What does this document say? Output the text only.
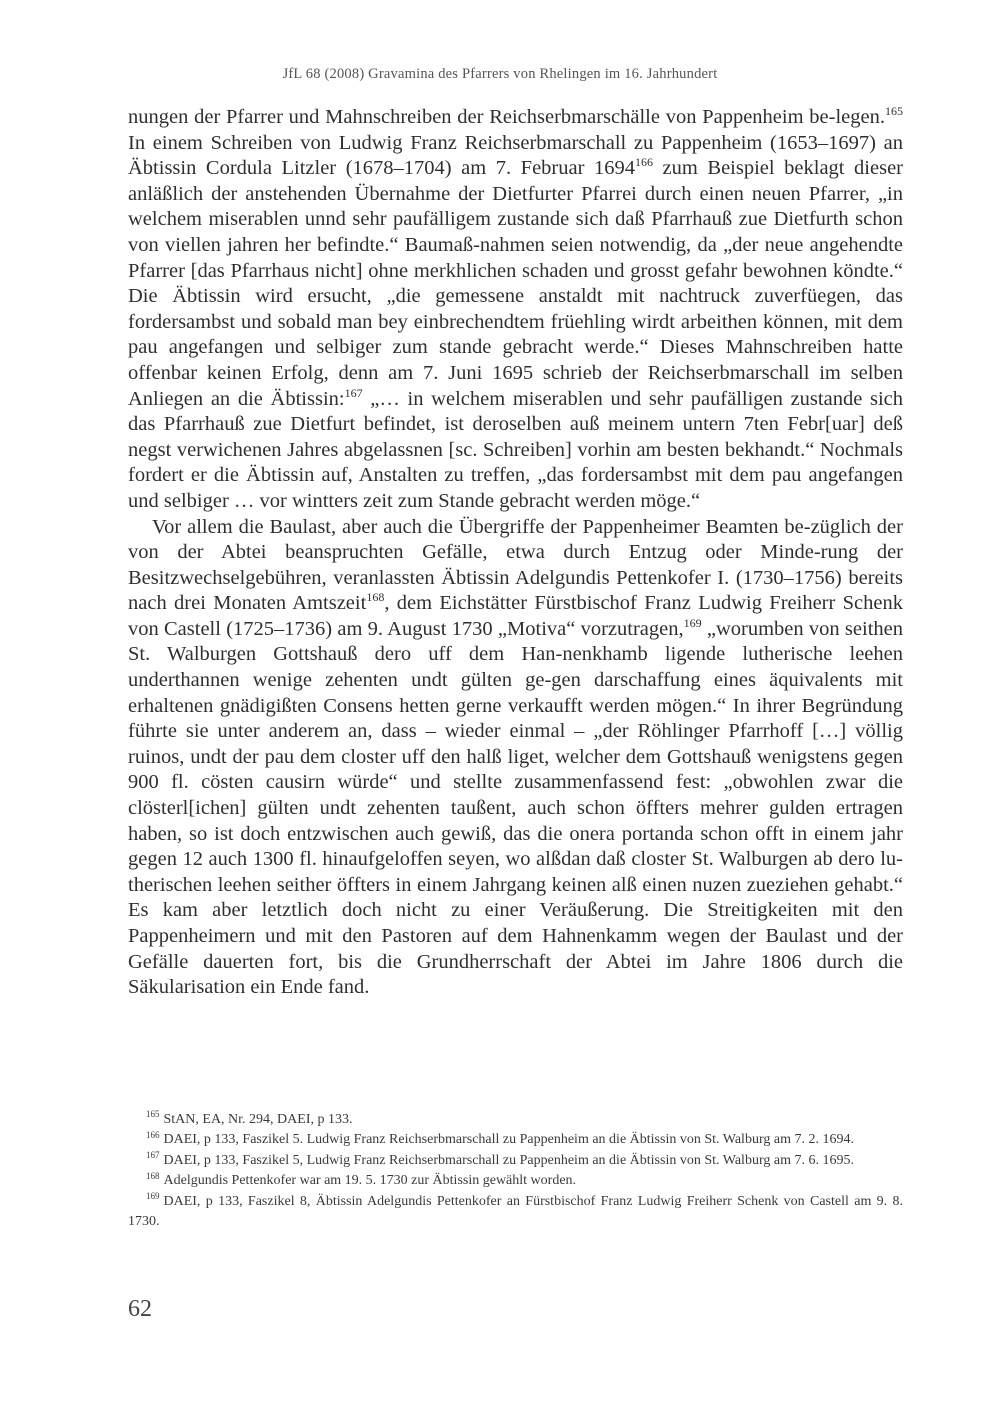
JfL 68 (2008) Gravamina des Pfarrers von Rhelingen im 16. Jahrhundert

nungen der Pfarrer und Mahnschreiben der Reichserbmarschälle von Pappenheim be-legen.$^{165}$ In einem Schreiben von Ludwig Franz Reichserbmarschall zu Pappenheim (1653–1697) an Äbtissin Cordula Litzler (1678–1704) am 7. Februar 1694$^{166}$ zum Beispiel beklagt dieser anläßlich der anstehenden Übernahme der Dietfurter Pfarrei durch einen neuen Pfarrer, „in welchem miserablen unnd sehr paufälligem zustande sich daß Pfarrhauß zue Dietfurth schon von viellen jahren her befindte.“ Baumaß-nahmen seien notwendig, da „der neue angehendte Pfarrer [das Pfarrhaus nicht] ohne merkhlichen schaden und grosst gefahr bewohnen köndte.“ Die Äbtissin wird ersucht, „die gemessene anstaldt mit nachtruck zuverfüegen, das fordersambst und sobald man bey einbrechendtem früehling wirdt arbeithen können, mit dem pau angefangen und selbiger zum stande gebracht werde.“ Dieses Mahnschreiben hatte offenbar keinen Erfolg, denn am 7. Juni 1695 schrieb der Reichserbmarschall im selben Anliegen an die Äbtissin:$^{167}$ „… in welchem miserablen und sehr paufälligen zustande sich das Pfarrhauß zue Dietfurt befindet, ist deroselben auß meinem untern 7ten Febr[uar] deß negst verwichenen Jahres abgelassnen [sc. Schreiben] vorhin am besten bekhandt.“ Nochmals fordert er die Äbtissin auf, Anstalten zu treffen, „das fordersambst mit dem pau angefangen und selbiger … vor wintters zeit zum Stande gebracht werden möge.“

Vor allem die Baulast, aber auch die Übergriffe der Pappenheimer Beamten be-züglich der von der Abtei beanspruchten Gefälle, etwa durch Entzug oder Minde-rung der Besitzwechselgebühren, veranlassten Äbtissin Adelgundis Pettenkofer I. (1730–1756) bereits nach drei Monaten Amtszeit$^{168}$, dem Eichstätter Fürstbischof Franz Ludwig Freiherr Schenk von Castell (1725–1736) am 9. August 1730 „Motiva“ vorzutragen,$^{169}$ „worumben von seithen St. Walburgen Gottshauß dero uff dem Han-nenkhamb ligende lutherische leehen underthannen wenige zehenten undt gülten ge-gen darschaffung eines äquivalents mit erhaltenen gnädigißten Consens hetten gerne verkaufft werden mögen.“ In ihrer Begründung führte sie unter anderem an, dass – wieder einmal – „der Röhlinger Pfarrhoff […] völlig ruinos, undt der pau dem closter uff den halß liget, welcher dem Gottshauß wenigstens gegen 900 fl. cösten causirn würde“ und stellte zusammenfassend fest: „obwohlen zwar die clösterl[ichen] gülten undt zehenten taußent, auch schon öffters mehrer gulden ertragen haben, so ist doch entzwischen auch gewiß, das die onera portanda schon offt in einem jahr gegen 12 auch 1300 fl. hinaufgeloffen seyen, wo alßdan daß closter St. Walburgen ab dero lu-therischen leehen seither öffters in einem Jahrgang keinen alß einen nuzen zueziehen gehabt.“ Es kam aber letztlich doch nicht zu einer Veräußerung. Die Streitigkeiten mit den Pappenheimern und mit den Pastoren auf dem Hahnenkamm wegen der Baulast und der Gefälle dauerten fort, bis die Grundherrschaft der Abtei im Jahre 1806 durch die Säkularisation ein Ende fand.

$^{165}$ StAN, EA, Nr. 294, DAEI, p 133.

$^{166}$ DAEI, p 133, Faszikel 5. Ludwig Franz Reichserbmarschall zu Pappenheim an die Äbtissin von St. Walburg am 7. 2. 1694.

$^{167}$ DAEI, p 133, Faszikel 5, Ludwig Franz Reichserbmarschall zu Pappenheim an die Äbtissin von St. Walburg am 7. 6. 1695.

$^{168}$ Adelgundis Pettenkofer war am 19. 5. 1730 zur Äbtissin gewählt worden.

$^{169}$ DAEI, p 133, Faszikel 8, Äbtissin Adelgundis Pettenkofer an Fürstbischof Franz Ludwig Freiherr Schenk von Castell am 9. 8. 1730.

62
